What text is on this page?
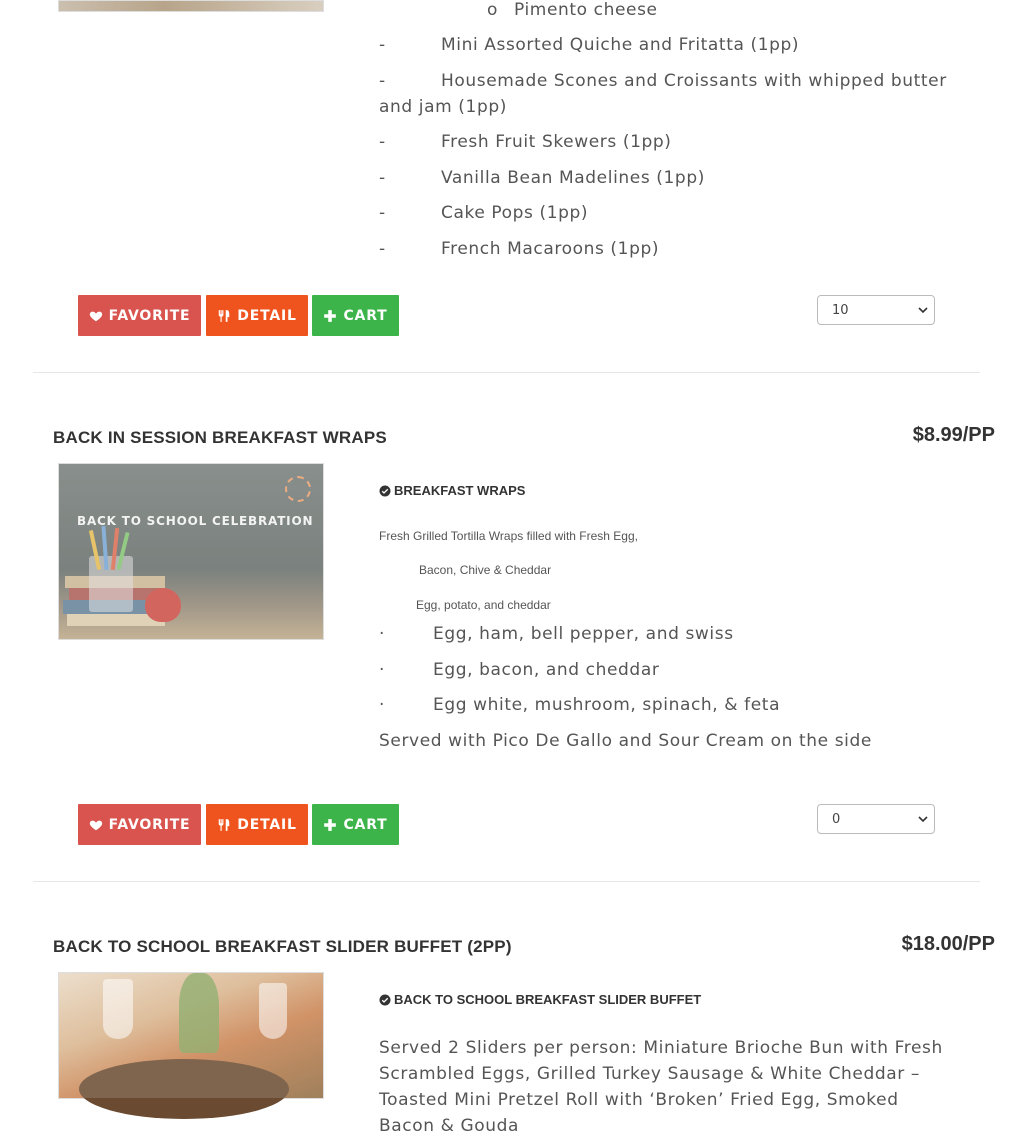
o Pimento cheese
-	Mini Assorted Quiche and Fritatta (1pp)
-	Housemade Scones and Croissants with whipped butter and jam (1pp)
-	Fresh Fruit Skewers (1pp)
-	Vanilla Bean Madelines (1pp)
-	Cake Pops (1pp)
-	French Macaroons (1pp)
FAVORITE	DETAIL	CART	10
BACK IN SESSION BREAKFAST WRAPS	$8.99/PP
BACK TO SCHOOL CELEBRATION
BREAKFAST WRAPS
Fresh Grilled Tortilla Wraps filled with Fresh Egg,
Bacon, Chive & Cheddar
Egg, potato, and cheddar
·	Egg, ham, bell pepper, and swiss
·	Egg, bacon, and cheddar
·	Egg white, mushroom, spinach, & feta
Served with Pico De Gallo and Sour Cream on the side
FAVORITE	DETAIL	CART	0
BACK TO SCHOOL BREAKFAST SLIDER BUFFET (2PP)	$18.00/PP
BACK TO SCHOOL BREAKFAST SLIDER BUFFET
Served 2 Sliders per person: Miniature Brioche Bun with Fresh Scrambled Eggs, Grilled Turkey Sausage & White Cheddar – Toasted Mini Pretzel Roll with ‘Broken’ Fried Egg, Smoked Bacon & Gouda
